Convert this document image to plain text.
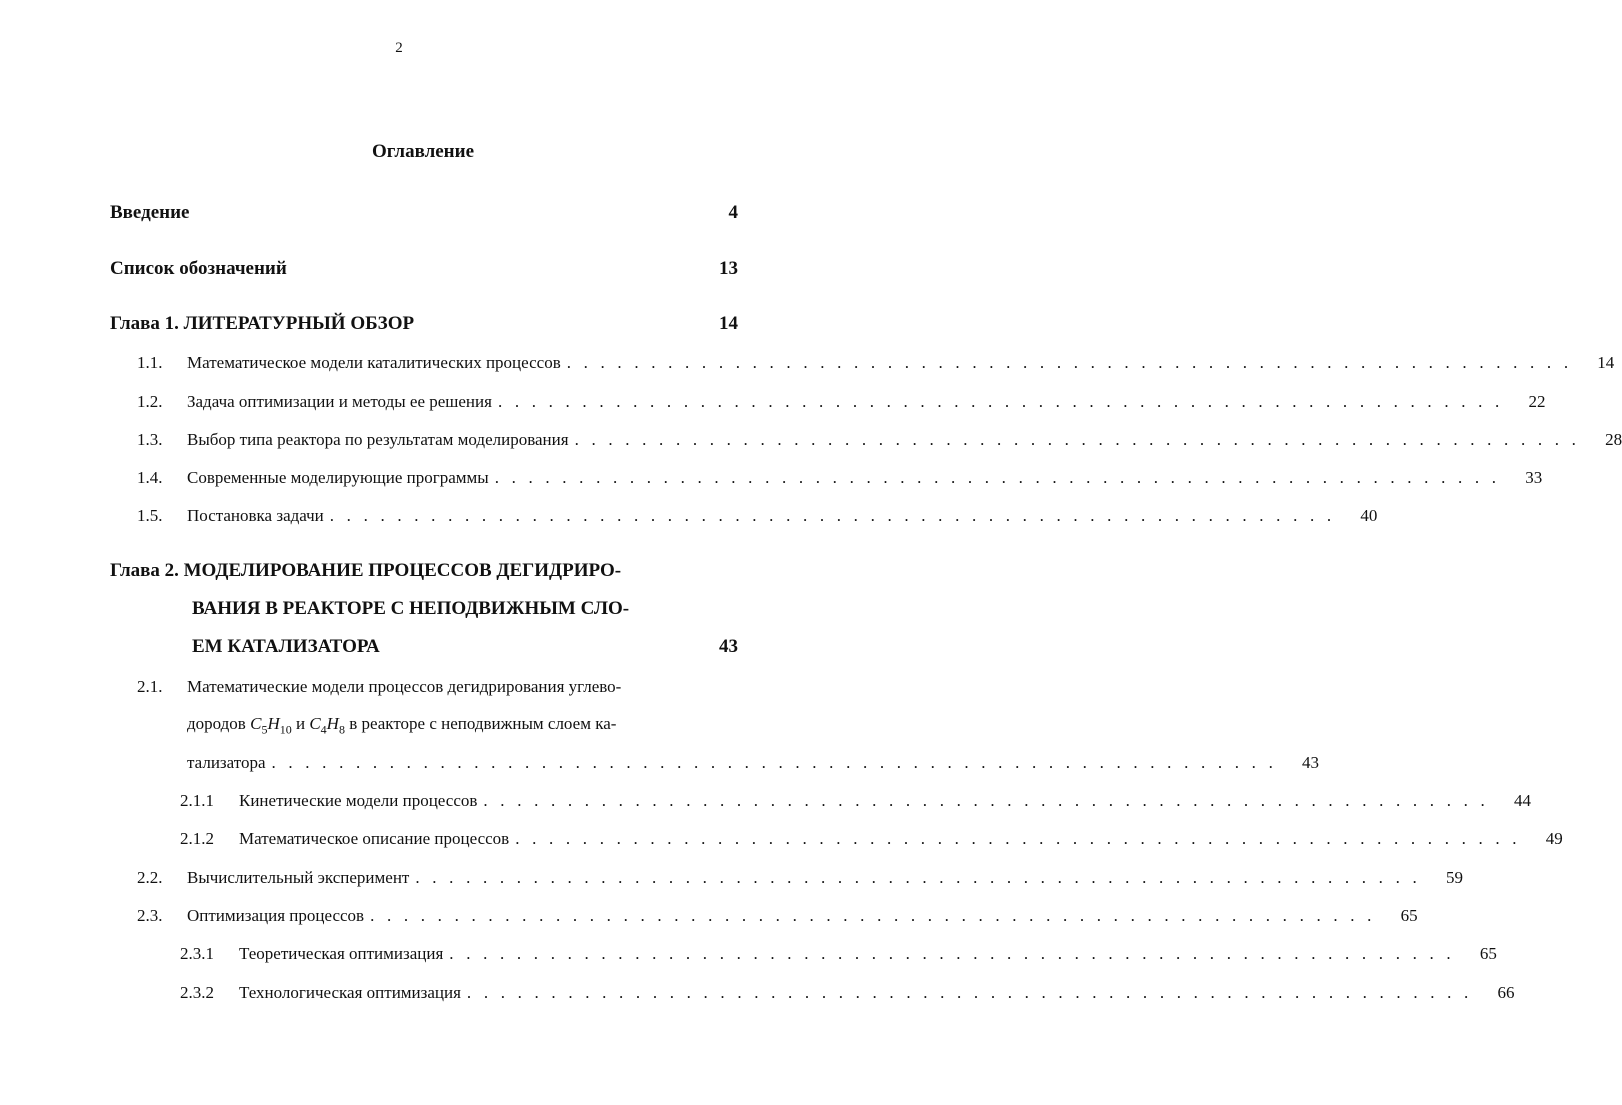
2
Оглавление
Введение	4
Список обозначений	13
Глава 1. ЛИТЕРАТУРНЫЙ ОБЗОР	14
1.1. Математическое модели каталитических процессов . . . . . . . . . . . . . . . . . . . . . . . . . . . . . . . . . . . . . . . . . . . . . . . . . . . . . . . . . . . .	14
1.2. Задача оптимизации и методы ее решения . . . . . . . . . . . . . . . . . . . . . . . . . . . . . . . . . . . . . . . . . . . . . . . . . . . . . . . . . . . .	22
1.3. Выбор типа реактора по результатам моделирования . . . . . . . . . . . . . . . . . . . . . . . . . . . . . . . . . . . . . . . . . . . . . . . . . . . . . . . . . . . .	28
1.4. Современные моделирующие программы . . . . . . . . . . . . . . . . . . . . . . . . . . . . . . . . . . . . . . . . . . . . . . . . . . . . . . . . . . . .	33
1.5. Постановка задачи . . . . . . . . . . . . . . . . . . . . . . . . . . . . . . . . . . . . . . . . . . . . . . . . . . . . . . . . . . . .	40
Глава 2. МОДЕЛИРОВАНИЕ ПРОЦЕССОВ ДЕГИДРИРО-
ВАНИЯ В РЕАКТОРЕ С НЕПОДВИЖНЫМ СЛО-
ЕМ КАТАЛИЗАТОРА	43
2.1. Математические модели процессов дегидрирования углево-
дородов $C_5H_{10}$ и $C_4H_8$ в реакторе с неподвижным слоем ка-
тализатора . . . . . . . . . . . . . . . . . . . . . . . . . . . . . . . . . . . . . . . . . . . . . . . . . . . . . . . . . . . .	43
2.1.1 Кинетические модели процессов . . . . . . . . . . . . . . . . . . . . . . . . . . . . . . . . . . . . . . . . . . . . . . . . . . . . . . . . . . . .	44
2.1.2 Математическое описание процессов . . . . . . . . . . . . . . . . . . . . . . . . . . . . . . . . . . . . . . . . . . . . . . . . . . . . . . . . . . . .	49
2.2. Вычислительный эксперимент . . . . . . . . . . . . . . . . . . . . . . . . . . . . . . . . . . . . . . . . . . . . . . . . . . . . . . . . . . . .	59
2.3. Оптимизация процессов . . . . . . . . . . . . . . . . . . . . . . . . . . . . . . . . . . . . . . . . . . . . . . . . . . . . . . . . . . . .	65
2.3.1 Теоретическая оптимизация . . . . . . . . . . . . . . . . . . . . . . . . . . . . . . . . . . . . . . . . . . . . . . . . . . . . . . . . . . . .	65
2.3.2 Технологическая оптимизация . . . . . . . . . . . . . . . . . . . . . . . . . . . . . . . . . . . . . . . . . . . . . . . . . . . . . . . . . . . .	66
